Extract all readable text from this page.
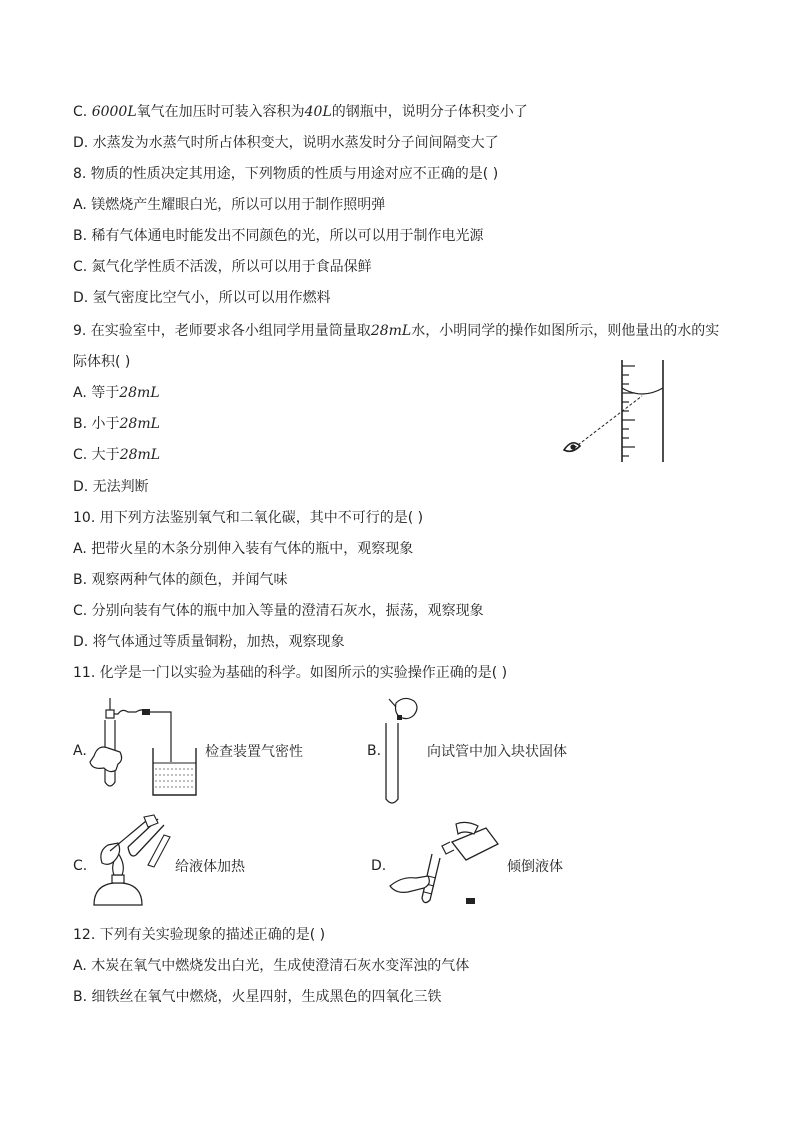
C. 6000L氧气在加压时可装入容积为40L的钢瓶中，说明分子体积变小了
D. 水蒸发为水蒸气时所占体积变大，说明水蒸发时分子间间隔变大了
8. 物质的性质决定其用途，下列物质的性质与用途对应不正确的是( )
A. 镁燃烧产生耀眼白光，所以可以用于制作照明弹
B. 稀有气体通电时能发出不同颜色的光，所以可以用于制作电光源
C. 氮气化学性质不活泼，所以可以用于食品保鲜
D. 氢气密度比空气小，所以可以用作燃料
9. 在实验室中，老师要求各小组同学用量筒量取28mL水，小明同学的操作如图所示，则他量出的水的实
际体积( )
A. 等于28mL
B. 小于28mL
C. 大于28mL
D. 无法判断
10. 用下列方法鉴别氧气和二氧化碳，其中不可行的是( )
A. 把带火星的木条分别伸入装有气体的瓶中，观察现象
B. 观察两种气体的颜色，并闻气味
C. 分别向装有气体的瓶中加入等量的澄清石灰水，振荡，观察现象
D. 将气体通过等质量铜粉，加热，观察现象
11. 化学是一门以实验为基础的科学。如图所示的实验操作正确的是( )
A.	检查装置气密性	B.	向试管中加入块状固体
C.	给液体加热	D.	倾倒液体
12. 下列有关实验现象的描述正确的是( )
A. 木炭在氧气中燃烧发出白光，生成使澄清石灰水变浑浊的气体
B. 细铁丝在氧气中燃烧，火星四射，生成黑色的四氧化三铁
